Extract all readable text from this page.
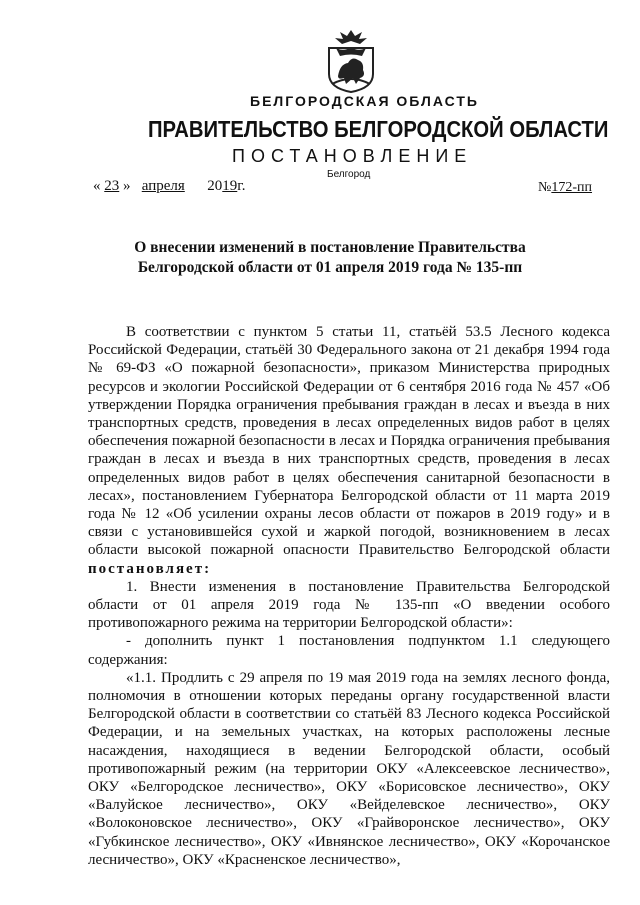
БЕЛГОРОДСКАЯ ОБЛАСТЬ
ПРАВИТЕЛЬСТВО БЕЛГОРОДСКОЙ ОБЛАСТИ
ПОСТАНОВЛЕНИЕ
Белгород
« 23 » апреля 2019г.	№172-пп
О внесении изменений в постановление Правительства
Белгородской области от 01 апреля 2019 года № 135-пп

В соответствии с пунктом 5 статьи 11, статьёй 53.5 Лесного кодекса Российской Федерации, статьёй 30 Федерального закона от 21 декабря 1994 года № 69-ФЗ «О пожарной безопасности», приказом Министерства природных ресурсов и экологии Российской Федерации от 6 сентября 2016 года № 457 «Об утверждении Порядка ограничения пребывания граждан в лесах и въезда в них транспортных средств, проведения в лесах определенных видов работ в целях обеспечения пожарной безопасности в лесах и Порядка ограничения пребывания граждан в лесах и въезда в них транспортных средств, проведения в лесах определенных видов работ в целях обеспечения санитарной безопасности в лесах», постановлением Губернатора Белгородской области от 11 марта 2019 года № 12 «Об усилении охраны лесов области от пожаров в 2019 году» и в связи с установившейся сухой и жаркой погодой, возникновением в лесах области высокой пожарной опасности Правительство Белгородской области постановляет:

1. Внести изменения в постановление Правительства Белгородской области от 01 апреля 2019 года № 135-пп «О введении особого противопожарного режима на территории Белгородской области»:

- дополнить пункт 1 постановления подпунктом 1.1 следующего содержания:

«1.1. Продлить с 29 апреля по 19 мая 2019 года на землях лесного фонда, полномочия в отношении которых переданы органу государственной власти Белгородской области в соответствии со статьёй 83 Лесного кодекса Российской Федерации, и на земельных участках, на которых расположены лесные насаждения, находящиеся в ведении Белгородской области, особый противопожарный режим (на территории ОКУ «Алексеевское лесничество», ОКУ «Белгородское лесничество», ОКУ «Борисовское лесничество», ОКУ «Валуйское лесничество», ОКУ «Вейделевское лесничество», ОКУ «Волоконовское лесничество», ОКУ «Грайворонское лесничество», ОКУ «Губкинское лесничество», ОКУ «Ивнянское лесничество», ОКУ «Корочанское лесничество», ОКУ «Красненское лесничество»,
